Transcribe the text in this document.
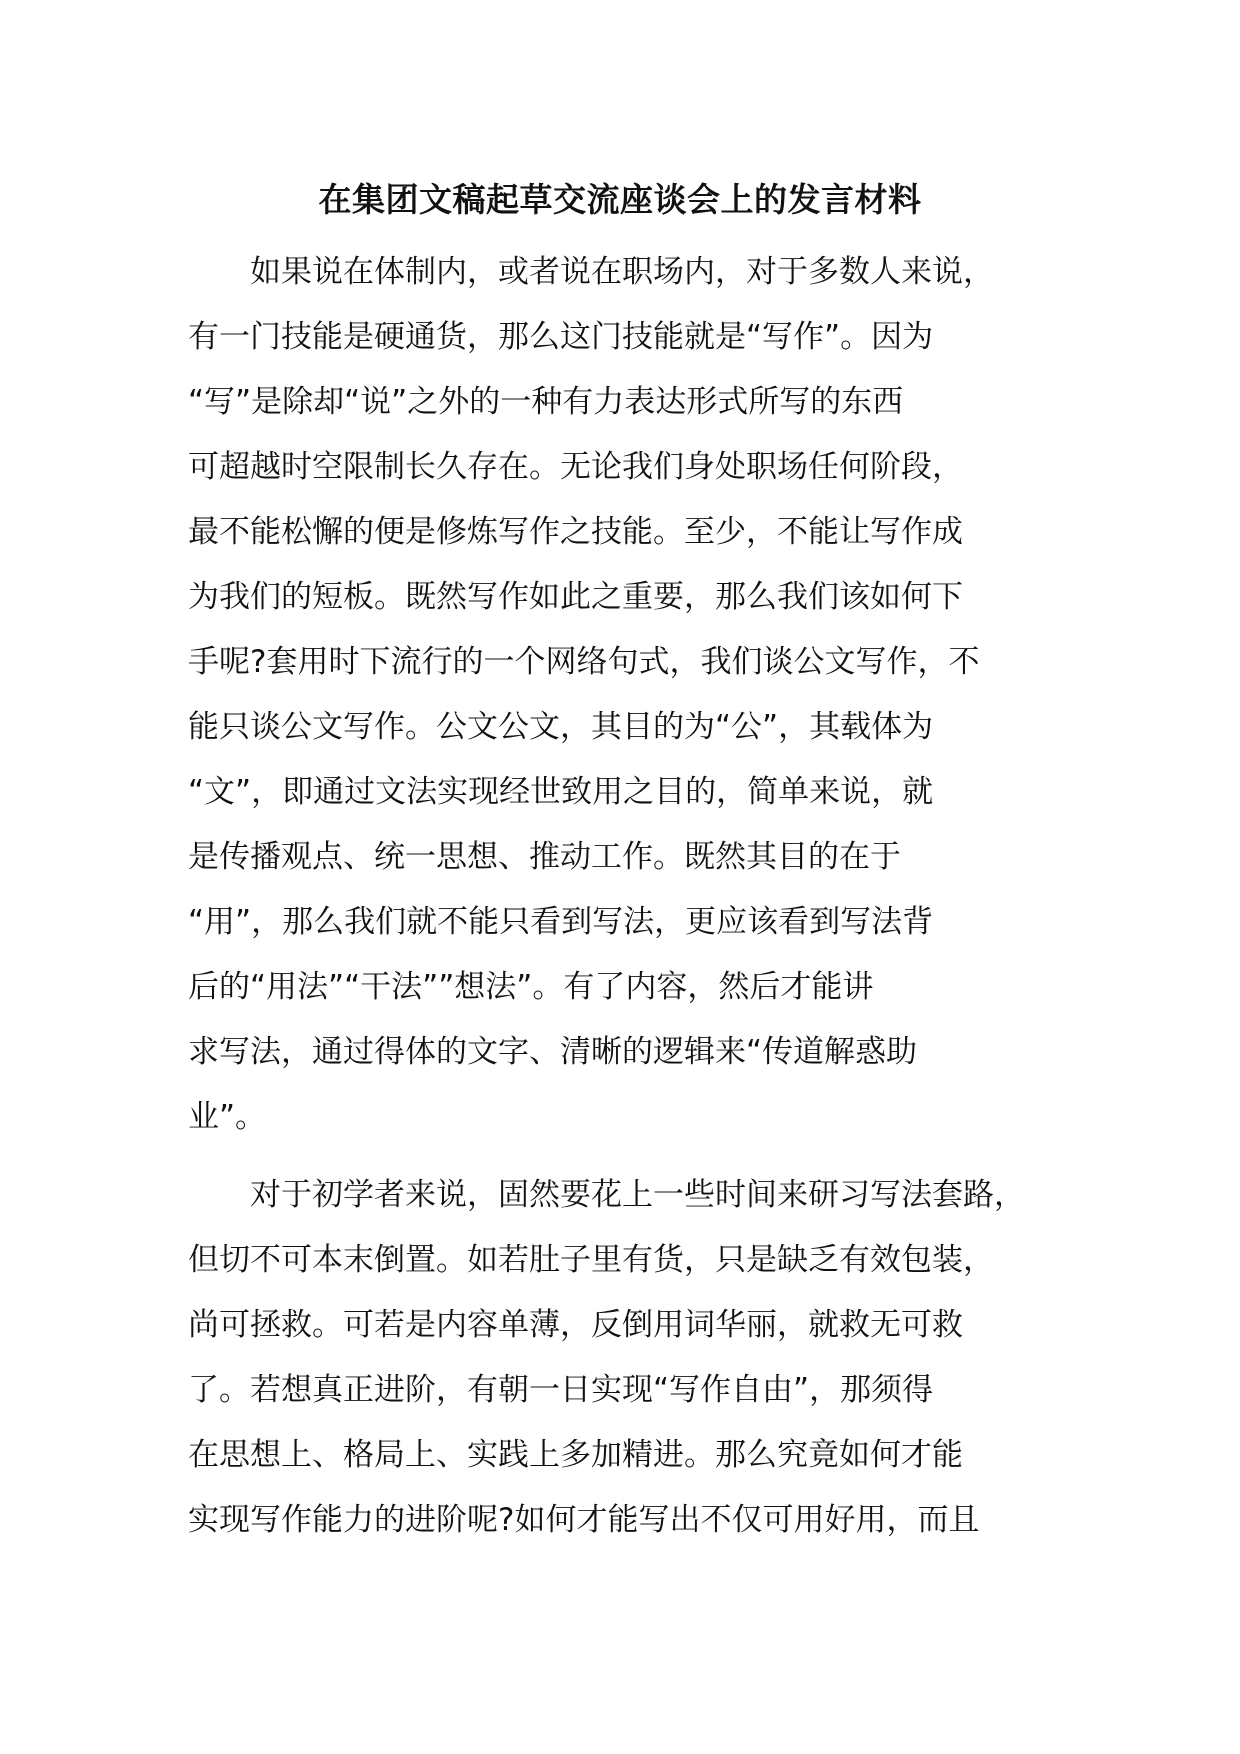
在集团文稿起草交流座谈会上的发言材料
　　如果说在体制内，或者说在职场内，对于多数人来说，
有一门技能是硬通货，那么这门技能就是“写作”。因为
“写”是除却“说”之外的一种有力表达形式所写的东西
可超越时空限制长久存在。无论我们身处职场任何阶段，
最不能松懈的便是修炼写作之技能。至少，不能让写作成
为我们的短板。既然写作如此之重要，那么我们该如何下
手呢?套用时下流行的一个网络句式，我们谈公文写作，不
能只谈公文写作。公文公文，其目的为“公”，其载体为
“文”，即通过文法实现经世致用之目的，简单来说，就
是传播观点、统一思想、推动工作。既然其目的在于
“用”，那么我们就不能只看到写法，更应该看到写法背
后的“用法”“干法””想法”。有了内容，然后才能讲
求写法，通过得体的文字、清晰的逻辑来“传道解惑助
业”。
　　对于初学者来说，固然要花上一些时间来研习写法套路，
但切不可本末倒置。如若肚子里有货，只是缺乏有效包装，
尚可拯救。可若是内容单薄，反倒用词华丽，就救无可救
了。若想真正进阶，有朝一日实现“写作自由”，那须得
在思想上、格局上、实践上多加精进。那么究竟如何才能
实现写作能力的进阶呢?如何才能写出不仅可用好用，而且
